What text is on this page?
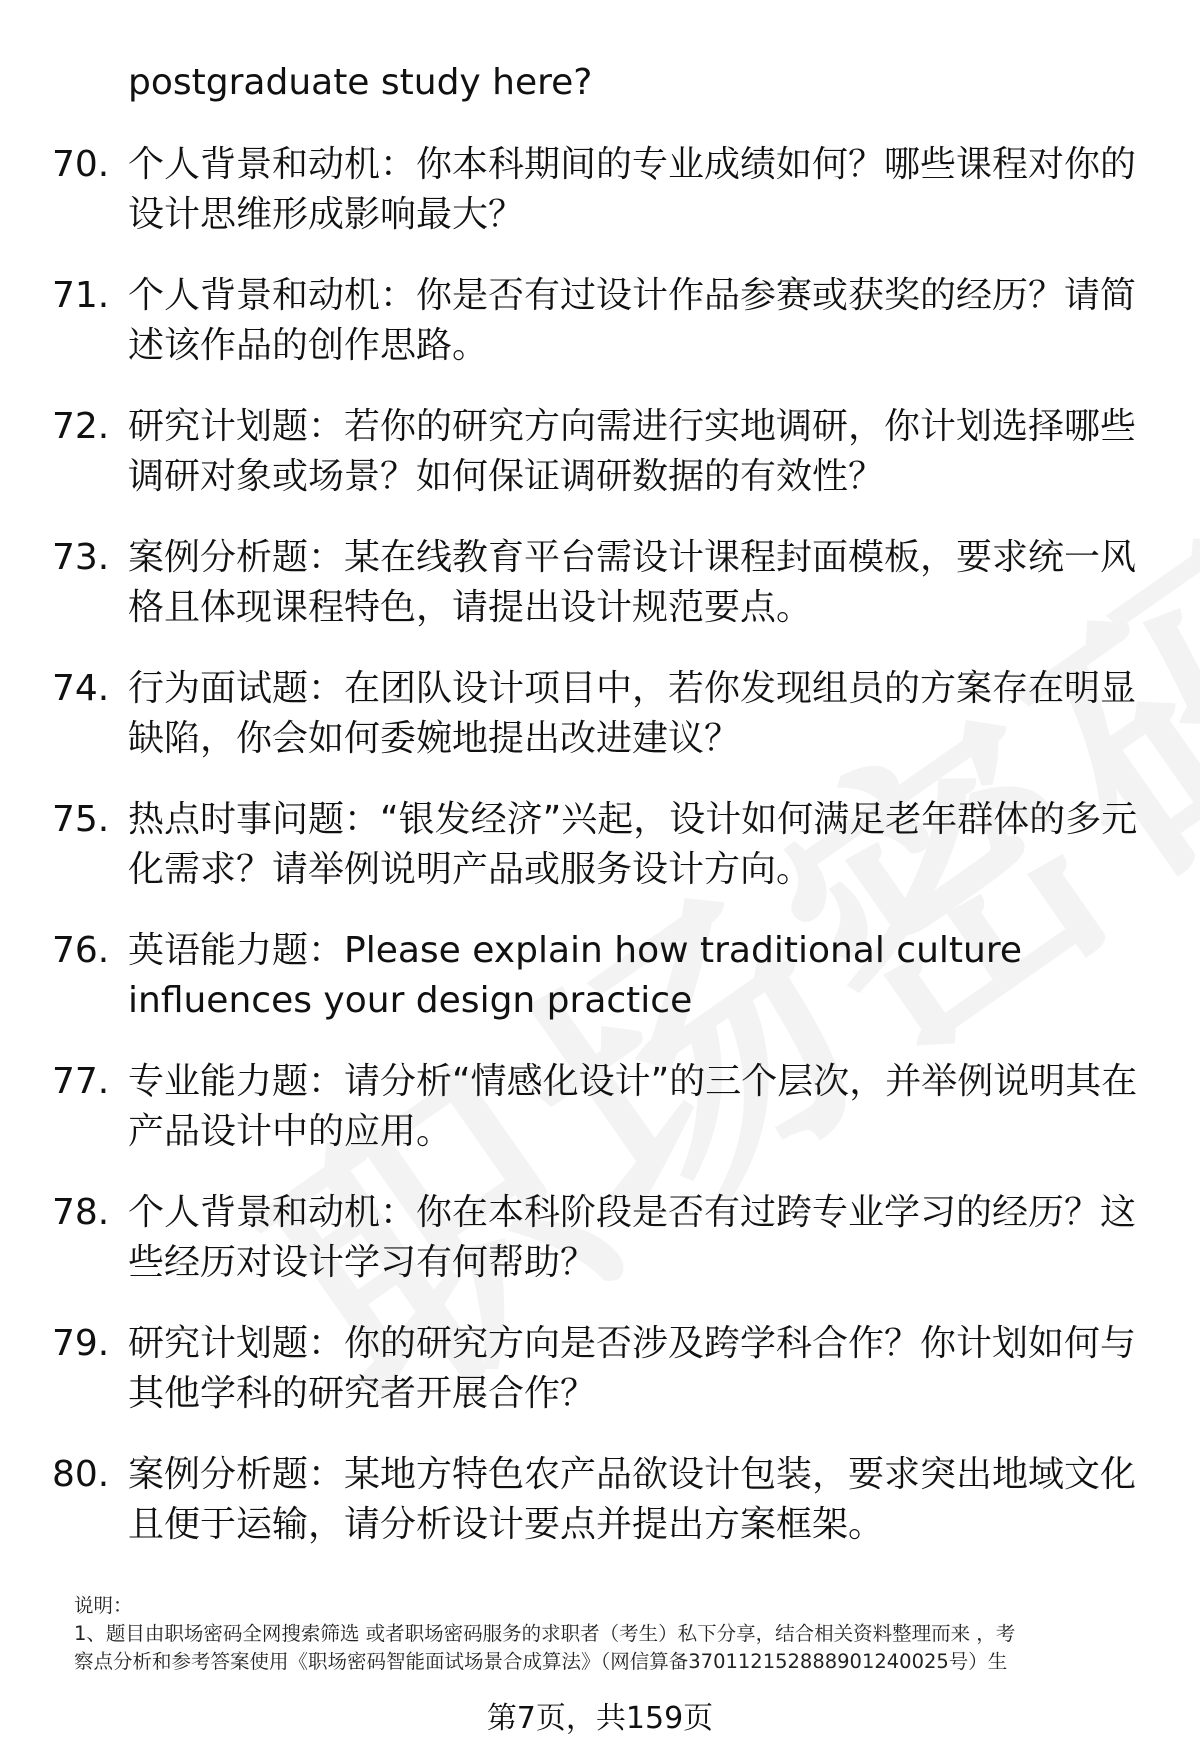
postgraduate study here?
70. 个人背景和动机：你本科期间的专业成绩如何？哪些课程对你的设计思维形成影响最大？
71. 个人背景和动机：你是否有过设计作品参赛或获奖的经历？请简述该作品的创作思路。
72. 研究计划题：若你的研究方向需进行实地调研，你计划选择哪些调研对象或场景？如何保证调研数据的有效性？
73. 案例分析题：某在线教育平台需设计课程封面模板，要求统一风格且体现课程特色，请提出设计规范要点。
74. 行为面试题：在团队设计项目中，若你发现组员的方案存在明显缺陷，你会如何委婉地提出改进建议？
75. 热点时事问题：“银发经济”兴起，设计如何满足老年群体的多元化需求？请举例说明产品或服务设计方向。
76. 英语能力题：Please explain how traditional culture
influences your design practice
77. 专业能力题：请分析“情感化设计”的三个层次，并举例说明其在产品设计中的应用。
78. 个人背景和动机：你在本科阶段是否有过跨专业学习的经历？这些经历对设计学习有何帮助？
79. 研究计划题：你的研究方向是否涉及跨学科合作？你计划如何与其他学科的研究者开展合作？
80. 案例分析题：某地方特色农产品欲设计包装，要求突出地域文化且便于运输，请分析设计要点并提出方案框架。
说明：
1、题目由职场密码全网搜索筛选 或者职场密码服务的求职者（考生）私下分享，结合相关资料整理而来 ，考
察点分析和参考答案使用《职场密码智能面试场景合成算法》（网信算备370112152888901240025号）生
第7页，共159页
